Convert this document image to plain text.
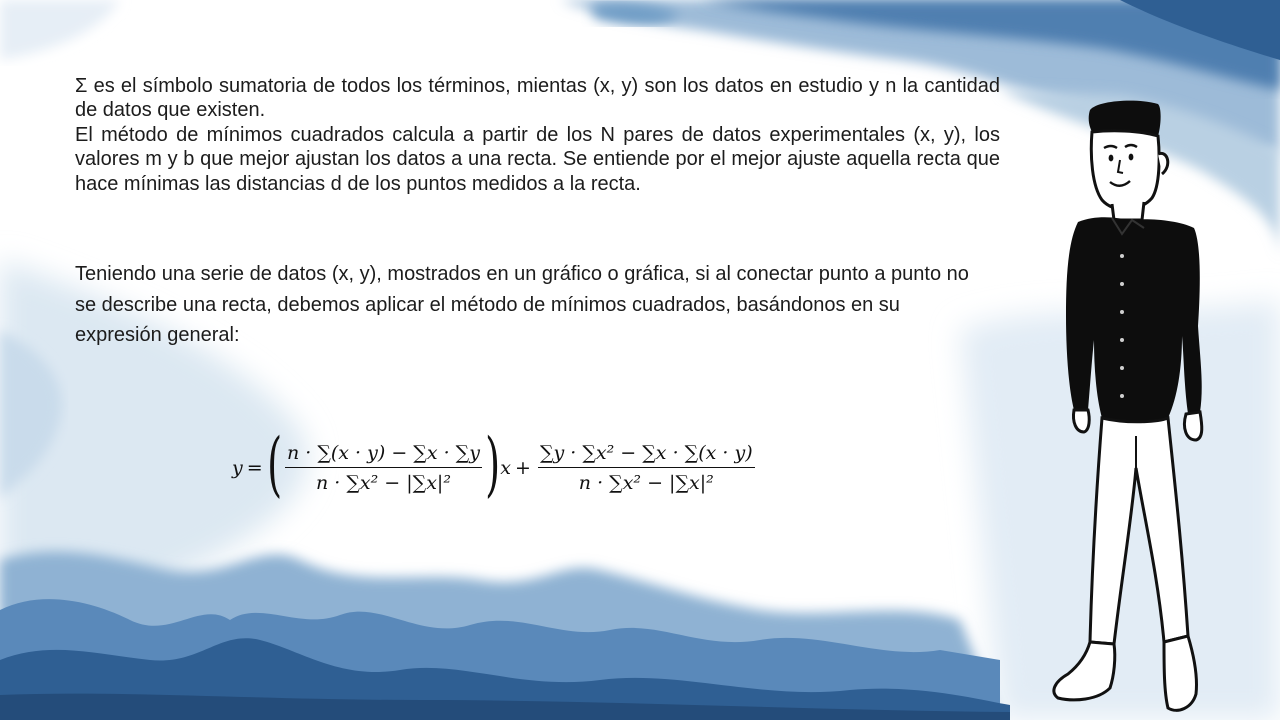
Σ es el símbolo sumatoria de todos los términos, mientas (x, y) son los datos en estudio y n la cantidad de datos que existen.

El método de mínimos cuadrados calcula a partir de los N pares de datos experimentales (x, y), los valores m y b que mejor ajustan los datos a una recta. Se entiende por el mejor ajuste aquella recta que hace mínimas las distancias d de los puntos medidos a la recta.

Teniendo una serie de datos (x, y), mostrados en un gráfico o gráfica, si al conectar punto a punto no se describe una recta, debemos aplicar el método de mínimos cuadrados, basándonos en su expresión general:

y = ( $\frac{n \cdot \sum(x \cdot y) - \sum x \cdot \sum y}{\text{n · ∑x² − |∑x|²}}$ ) $x + \frac{\text{∑y · ∑x² − ∑x · ∑(x · y)}}{\text{n · ∑x² − |∑x|²}}$
